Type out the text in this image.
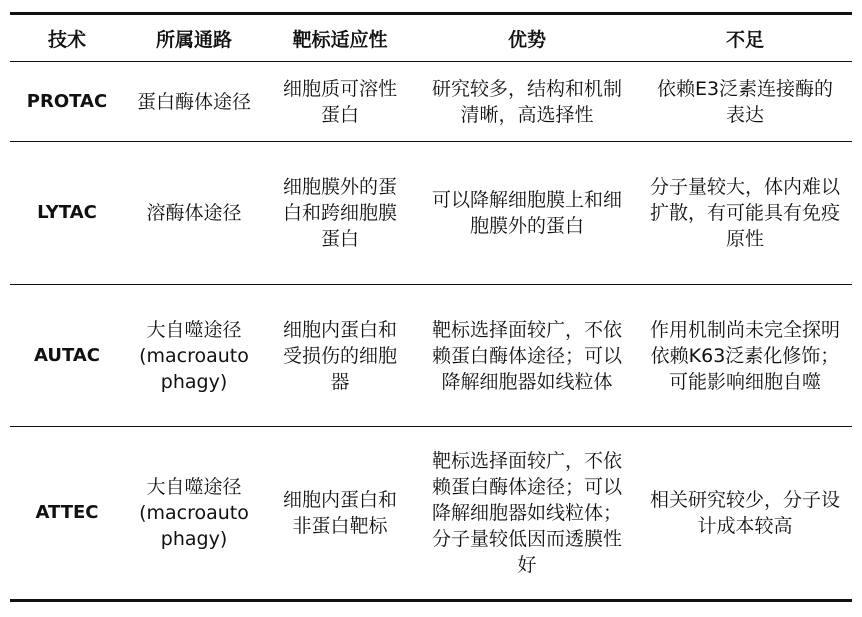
技术	所属通路	靶标适应性	优势	不足
PROTAC	蛋白酶体途径	细胞质可溶性蛋白	研究较多，结构和机制清晰，高选择性	依赖E3泛素连接酶的表达
LYTAC	溶酶体途径	细胞膜外的蛋白和跨细胞膜蛋白	可以降解细胞膜上和细胞膜外的蛋白	分子量较大，体内难以扩散，有可能具有免疫原性
AUTAC	大自噬途径(macroautophagy)	细胞内蛋白和受损伤的细胞器	靶标选择面较广，不依赖蛋白酶体途径；可以降解细胞器如线粒体	作用机制尚未完全探明依赖K63泛素化修饰；可能影响细胞自噬
ATTEC	大自噬途径(macroautophagy)	细胞内蛋白和非蛋白靶标	靶标选择面较广，不依赖蛋白酶体途径；可以降解细胞器如线粒体；分子量较低因而透膜性好	相关研究较少，分子设计成本较高
